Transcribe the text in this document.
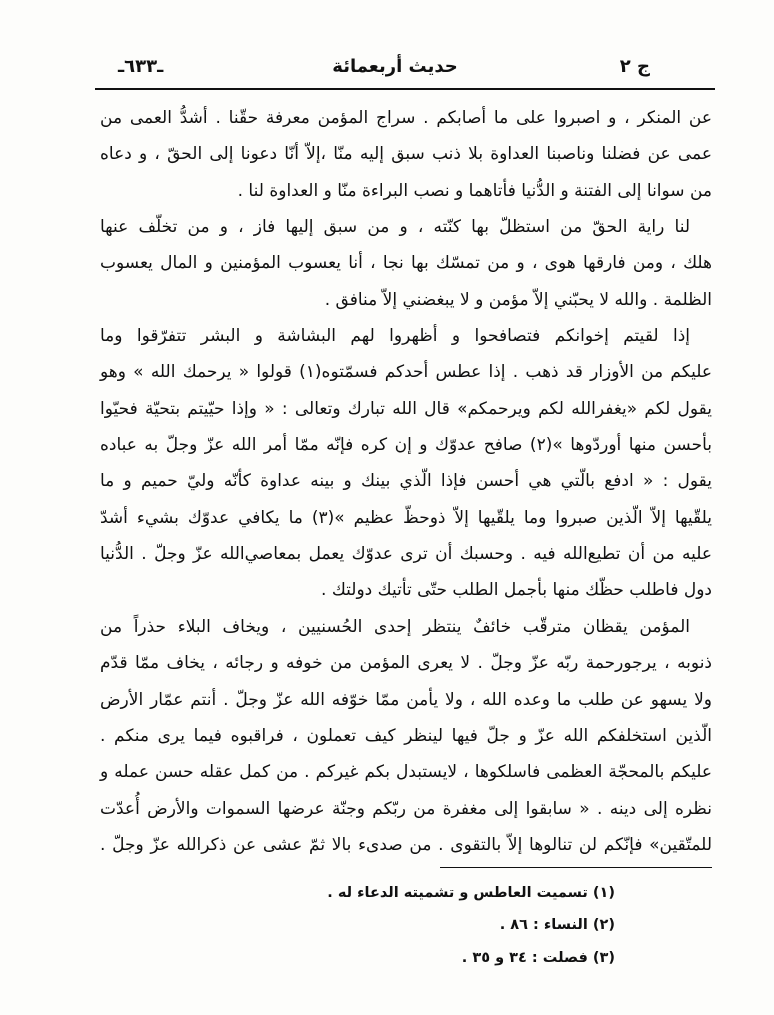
ج ٢
حديث أربعمائة
ـ٦٣٣ـ
عن المنكر ، و اصبروا على ما أصابكم . سراج المؤمن معرفة حقّنا . أشدُّ العمى من
عمى عن فضلنا وناصبنا العداوة بلا ذنب سبق إليه منّا ،إلاّ أنّا دعونا إلى الحقّ ، و دعاه
من سوانا إلى الفتنة و الدُّنيا فأتاهما و نصب البراءة منّا و العداوة لنا .
لنا راية الحقّ من استظلّ بها كنّته ، و من سبق إليها فاز ، و من تخلّف عنها
هلك ، ومن فارقها هوى ، و من تمسّك بها نجا ، أنا يعسوب المؤمنين و المال يعسوب
الظلمة . والله لا يحبّني إلاّ مؤمن و لا يبغضني إلاّ منافق .
إذا لقيتم إخوانكم فتصافحوا و أظهروا لهم البشاشة و البشر تتفرّقوا وما
عليكم من الأوزار قد ذهب . إذا عطس أحدكم فسمّتوه(١) قولوا « يرحمك الله » وهو
يقول لكم «يغفرالله لكم ويرحمكم» قال الله تبارك وتعالى : « وإذا حيّيتم بتحيّة فحيّوا
بأحسن منها أوردّوها »(٢) صافح عدوّك و إن كره فإنّه ممّا أمر الله عزّ وجلّ به عباده
يقول : « ادفع بالّتي هي أحسن فإذا الّذي بينك و بينه عداوة كأنّه وليّ حميم و ما
يلقّيها إلاّ الّذين صبروا وما يلقّيها إلاّ ذوحظّ عظيم »(٣) ما يكافي عدوّك بشيء أشدّ
عليه من أن تطيع‌الله فيه . وحسبك أن ترى عدوّك يعمل بمعاصي‌الله عزّ وجلّ . الدُّنيا
دول فاطلب حظّك منها بأجمل الطلب حتّى تأتيك دولتك .
المؤمن يقظان مترقّب خائفٌ ينتظر إحدى الحُسنيين ، ويخاف البلاء حذراً من
ذنوبه ، يرجورحمة ربّه عزّ وجلّ . لا يعرى المؤمن من خوفه و رجائه ، يخاف ممّا قدّم
ولا يسهو عن طلب ما وعده الله ، ولا يأمن ممّا خوّفه الله عزّ وجلّ . أنتم عمّار الأرض
الّذين استخلفكم الله عزّ و جلّ فيها لينظر كيف تعملون ، فراقبوه فيما يرى منكم .
عليكم بالمحجّة العظمى فاسلكوها ، لايستبدل بكم غيركم . من كمل عقله حسن عمله و
نظره إلى دينه . « سابقوا إلى مغفرة من ربّكم وجنّة عرضها السموات والأرض أُعدّت
للمتّقين» فإنّكم لن تنالوها إلاّ بالتقوى . من صدىء بالا ثمّ عشى عن ذكرالله عزّ وجلّ .
(١) تسميت العاطس و تشميته الدعاء له .
(٢) النساء : ٨٦ .
(٣) فصلت : ٣٤ و ٣٥ .
